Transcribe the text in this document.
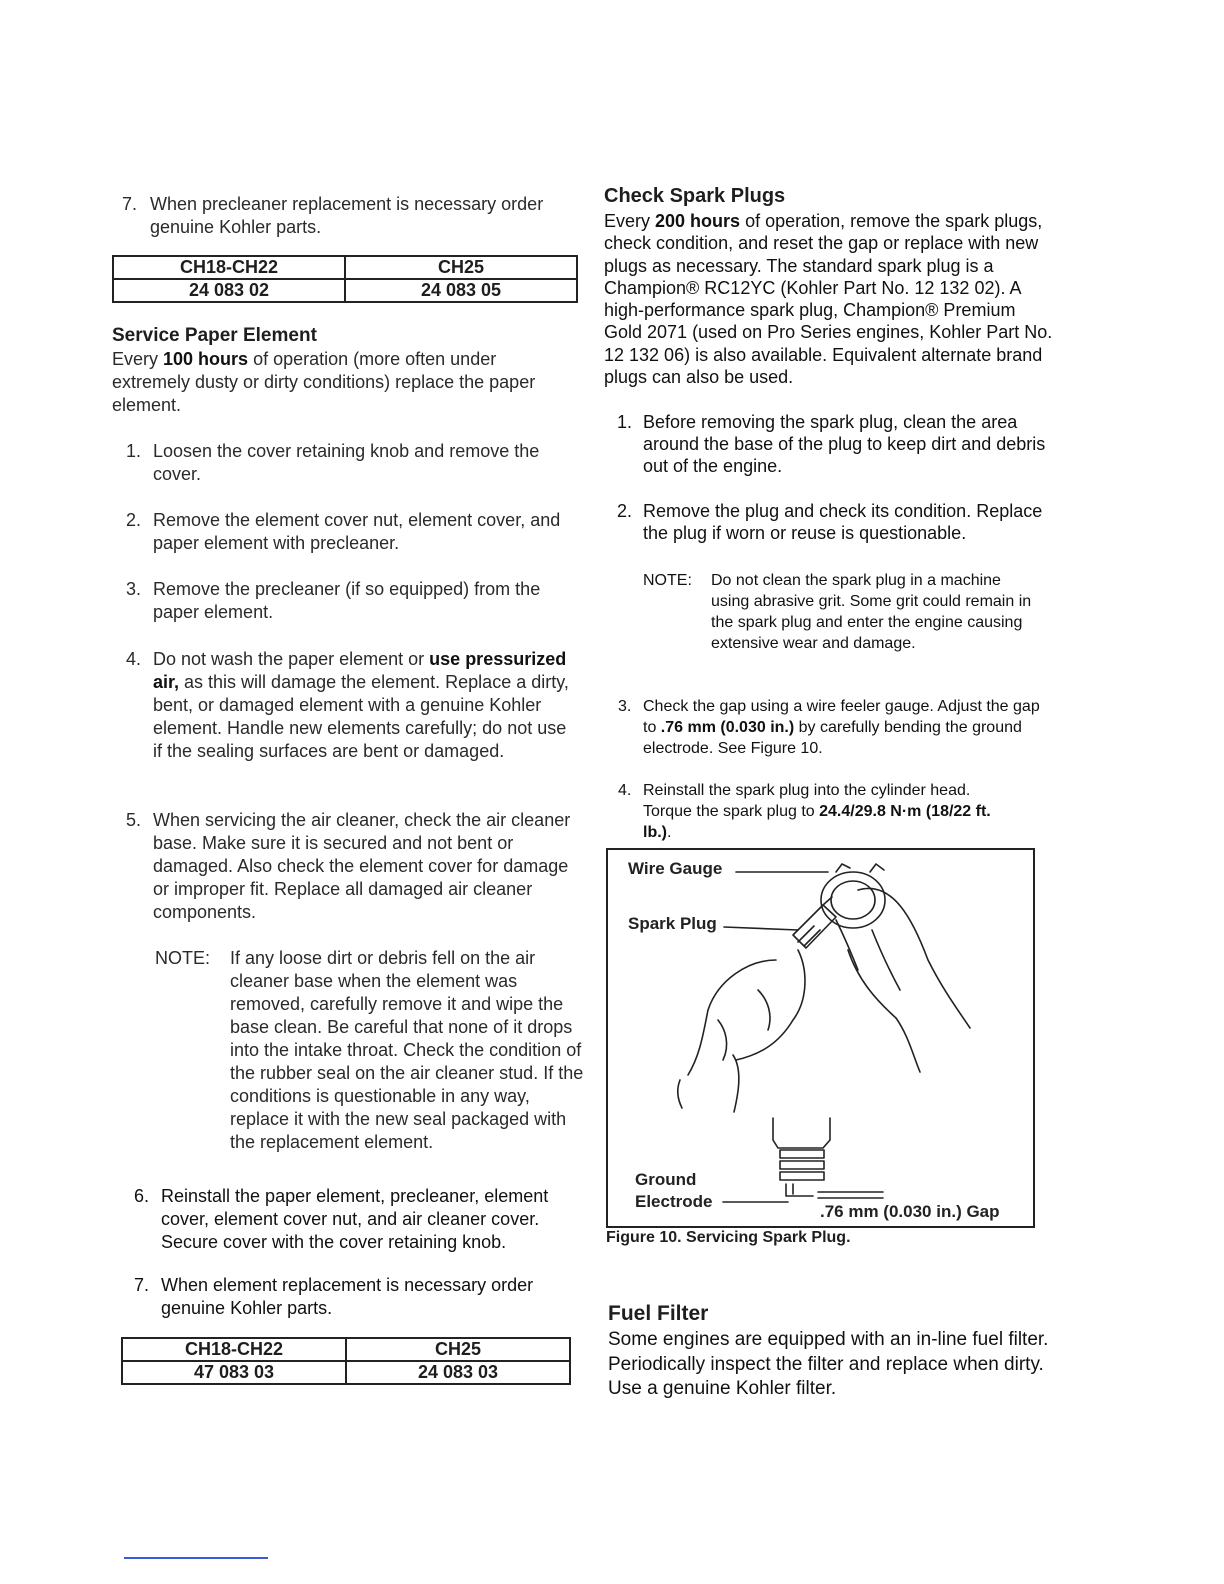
7. When precleaner replacement is necessary order genuine Kohler parts.
CH18-CH22	CH25
24 083 02	24 083 05
Service Paper Element
Every 100 hours of operation (more often under extremely dusty or dirty conditions) replace the paper element.
1. Loosen the cover retaining knob and remove the cover.
2. Remove the element cover nut, element cover, and paper element with precleaner.
3. Remove the precleaner (if so equipped) from the paper element.
4. Do not wash the paper element or use pressurized air, as this will damage the element. Replace a dirty, bent, or damaged element with a genuine Kohler element. Handle new elements carefully; do not use if the sealing surfaces are bent or damaged.
5. When servicing the air cleaner, check the air cleaner base. Make sure it is secured and not bent or damaged. Also check the element cover for damage or improper fit. Replace all damaged air cleaner components.
NOTE: If any loose dirt or debris fell on the air cleaner base when the element was removed, carefully remove it and wipe the base clean. Be careful that none of it drops into the intake throat. Check the condition of the rubber seal on the air cleaner stud. If the conditions is questionable in any way, replace it with the new seal packaged with the replacement element.
6. Reinstall the paper element, precleaner, element cover, element cover nut, and air cleaner cover. Secure cover with the cover retaining knob.
7. When element replacement is necessary order genuine Kohler parts.
CH18-CH22	CH25
47 083 03	24 083 03
Check Spark Plugs
Every 200 hours of operation, remove the spark plugs, check condition, and reset the gap or replace with new plugs as necessary. The standard spark plug is a Champion® RC12YC (Kohler Part No. 12 132 02). A high-performance spark plug, Champion® Premium Gold 2071 (used on Pro Series engines, Kohler Part No. 12 132 06) is also available. Equivalent alternate brand plugs can also be used.
1. Before removing the spark plug, clean the area around the base of the plug to keep dirt and debris out of the engine.
2. Remove the plug and check its condition. Replace the plug if worn or reuse is questionable.
NOTE: Do not clean the spark plug in a machine using abrasive grit. Some grit could remain in the spark plug and enter the engine causing extensive wear and damage.
3. Check the gap using a wire feeler gauge. Adjust the gap to .76 mm (0.030 in.) by carefully bending the ground electrode. See Figure 10.
4. Reinstall the spark plug into the cylinder head. Torque the spark plug to 24.4/29.8 N·m (18/22 ft. lb.).
Wire Gauge
Spark Plug
Ground
Electrode
.76 mm (0.030 in.) Gap
Figure 10. Servicing Spark Plug.
Fuel Filter
Some engines are equipped with an in-line fuel filter. Periodically inspect the filter and replace when dirty. Use a genuine Kohler filter.
